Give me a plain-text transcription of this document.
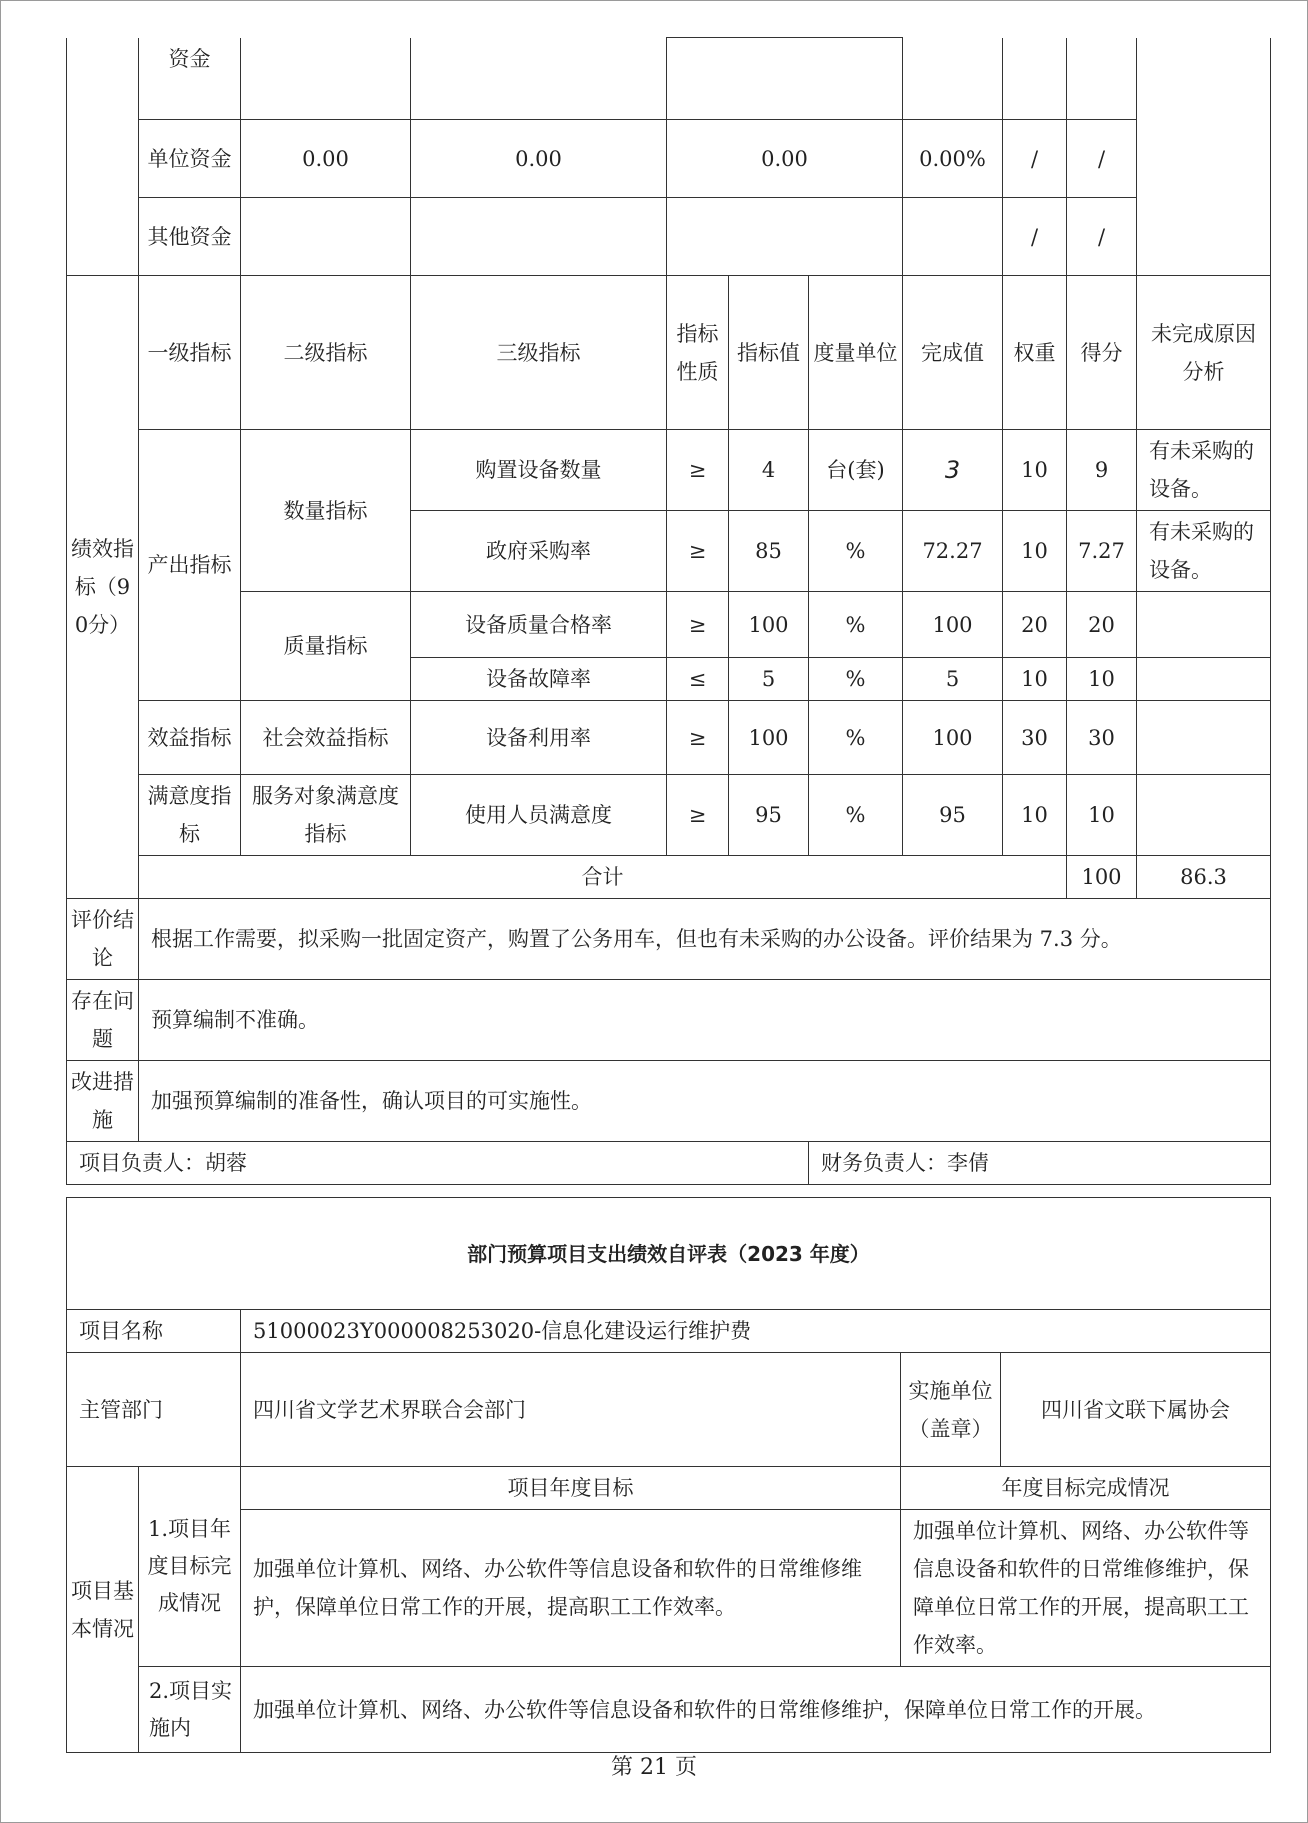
	资金										
	单位资金	0.00	0.00	0.00			0.00%	/	/		
	其他资金							/	/		
绩效指标（90分）	一级指标	二级指标	三级指标	指标性质	指标值	度量单位	完成值	权重	得分	未完成原因分析	
	产出指标	数量指标	购置设备数量	≥	4	台(套)	3	10	9	有未采购的设备。	
			政府采购率	≥	85	%	72.27	10	7.27	有未采购的设备。	
		质量指标	设备质量合格率	≥	100	%	100	20	20		
			设备故障率	≤	5	%	5	10	10		
	效益指标	社会效益指标	设备利用率	≥	100	%	100	30	30		
	满意度指标	服务对象满意度指标	使用人员满意度	≥	95	%	95	10	10		
	合计								100	86.3	
评价结论	根据工作需要，拟采购一批固定资产，购置了公务用车，但也有未采购的办公设备。评价结果为 7.3 分。										
存在问题	预算编制不准确。										
改进措施	加强预算编制的准备性，确认项目的可实施性。										
项目负责人：胡蓉						财务负责人：李倩					
部门预算项目支出绩效自评表（2023 年度）				
项目名称		51000023Y000008253020-信息化建设运行维护费		
主管部门		四川省文学艺术界联合会部门	实施单位（盖章）	四川省文联下属协会
项目基本情况	1.项目年度目标完成情况	项目年度目标	年度目标完成情况	
		加强单位计算机、网络、办公软件等信息设备和软件的日常维修维护，保障单位日常工作的开展，提高职工工作效率。	加强单位计算机、网络、办公软件等信息设备和软件的日常维修维护，保障单位日常工作的开展，提高职工工作效率。	
	2.项目实施内	加强单位计算机、网络、办公软件等信息设备和软件的日常维修维护，保障单位日常工作的开展。		
第 21 页
